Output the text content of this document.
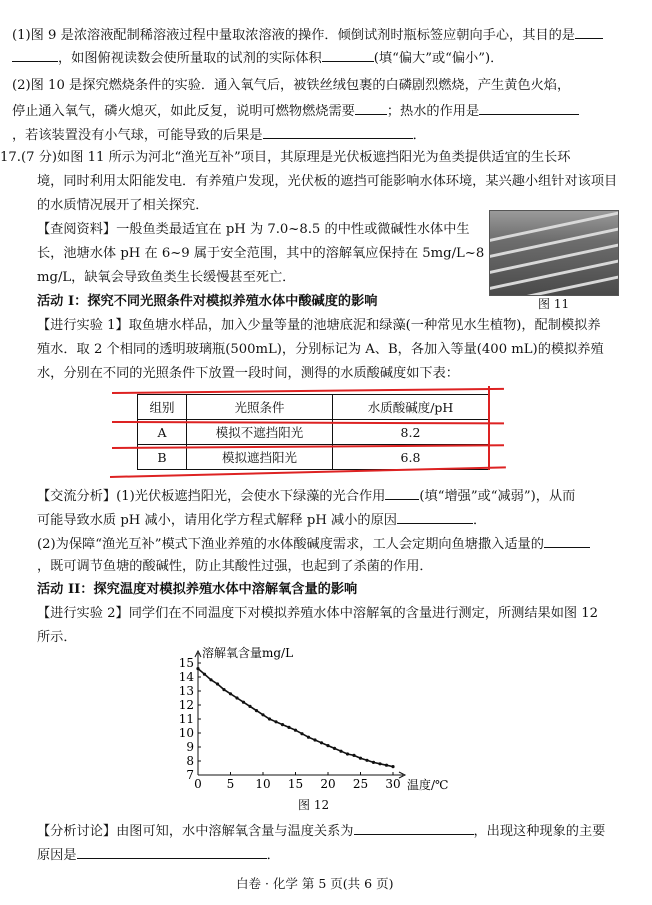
(1)图 9 是浓溶液配制稀溶液过程中量取浓溶液的操作．倾倒试剂时瓶标签应朝向手心，其目的是
，如图俯视读数会使所量取的试剂的实际体积	(填“偏大”或“偏小”)．
(2)图 10 是探究燃烧条件的实验．通入氧气后，被铁丝绒包裹的白磷剧烈燃烧，产生黄色火焰，
停止通入氧气，磷火熄灭，如此反复，说明可燃物燃烧需要 ；热水的作用是
，若该装置没有小气球，可能导致的后果是	．
17.(7 分)如图 11 所示为河北“渔光互补”项目，其原理是光伏板遮挡阳光为鱼类提供适宜的生长环
境，同时利用太阳能发电．有养殖户发现，光伏板的遮挡可能影响水体环境，某兴趣小组针对该项目
的水质情况展开了相关探究．
【查阅资料】一般鱼类最适宜在 pH 为 7.0~8.5 的中性或微碱性水体中生
长，池塘水体 pH 在 6~9 属于安全范围，其中的溶解氧应保持在 5mg/L~8
mg/L，缺氧会导致鱼类生长缓慢甚至死亡．
图 11
活动 I：探究不同光照条件对模拟养殖水体中酸碱度的影响
【进行实验 1】取鱼塘水样品，加入少量等量的池塘底泥和绿藻(一种常见水生植物)，配制模拟养
殖水．取 2 个相同的透明玻璃瓶(500mL)，分别标记为 A、B，各加入等量(400 mL)的模拟养殖
水，分别在不同的光照条件下放置一段时间，测得的水质酸碱度如下表：
组别	光照条件	水质酸碱度/pH
A	模拟不遮挡阳光	8.2
B	模拟遮挡阳光	6.8
【交流分析】(1)光伏板遮挡阳光，会使水下绿藻的光合作用	(填“增强”或“减弱”)，从而
可能导致水质 pH 减小，请用化学方程式解释 pH 减小的原因	．
(2)为保障“渔光互补”模式下渔业养殖的水体酸碱度需求，工人会定期向鱼塘撒入适量的
，既可调节鱼塘的酸碱性，防止其酸性过强，也起到了杀菌的作用．
活动 II：探究温度对模拟养殖水体中溶解氧含量的影响
【进行实验 2】同学们在不同温度下对模拟养殖水体中溶解氧的含量进行测定，所测结果如图 12
所示．
7
8
9
10
11
12
13
14
15
0 5 10 15 20 25 30
溶解氧含量mg/L
温度/℃
图 12
【分析讨论】由图可知，水中溶解氧含量与温度关系为	，出现这种现象的主要
原因是	．
白卷 · 化学 第 5 页(共 6 页)
